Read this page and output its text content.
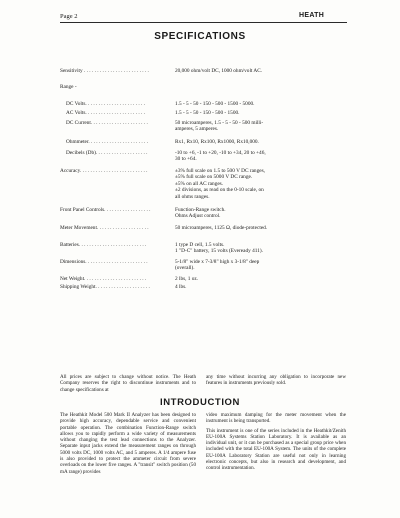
Page 2	HEATH
SPECIFICATIONS
Sensitivity . . . . . . . . . . . . . . . . . . . . . . . . .	20,000 ohm/volt DC, 1000 ohm/volt AC.
Range -
DC Volts. . . . . . . . . . . . . . . . . . . . . . .	1.5 - 5 - 50 - 150 - 500 - 1500 - 5000.
AC Volts. . . . . . . . . . . . . . . . . . . . . . .	1.5 - 5 - 50 - 150 - 500 - 1500.
DC Current. . . . . . . . . . . . . . . . . . . . . .	50 microamperes, 1.5 - 5 - 50 - 500 milli-
amperes, 5 amperes.
Ohmmeter. . . . . . . . . . . . . . . . . . . . . . .	Rx1, Rx10, Rx100, Rx1000, Rx10,000.
Decibels (Db). . . . . . . . . . . . . . . . . . . .	-10 to +6, -1 to +20, -10 to +34, 20 to +46,
30 to +64.
Accuracy. . . . . . . . . . . . . . . . . . . . . . . . . .	±3% full scale on 1.5 to 500 V DC ranges,
±5% full scale on 5000 V DC range.
±5% on all AC ranges.
±2 divisions, as read on the 0-10 scale, on
all ohms ranges.
Front Panel Controls. . . . . . . . . . . . . . . . . .	Function-Range switch.
Ohms Adjust control.
Meter Movement. . . . . . . . . . . . . . . . . . . .	50 microamperes, 1125 Ω, diode-protected.
Batteries. . . . . . . . . . . . . . . . . . . . . . . . . .	1 type D cell, 1.5 volts.
1 "D-C" battery, 15 volts (Eveready 411).
Dimensions. . . . . . . . . . . . . . . . . . . . . . . .	5-1/8" wide x 7-3/8" high x 3-1/8" deep
(overall).
Net Weight. . . . . . . . . . . . . . . . . . . . . . . .	2 lbs, 1 oz.
Shipping Weight. . . . . . . . . . . . . . . . . . . . .	4 lbs.

All prices are subject to change without notice. The Heath Company reserves the right to discontinue instruments and to change specifications at

any time without incurring any obligation to incorporate new features in instruments previously sold.

INTRODUCTION

The Heathkit Model 500 Mark II Analyzer has been designed to provide high accuracy, dependable service and convenient portable operation. The combination Function-Range switch allows you to rapidly perform a wide variety of measurements without changing the test lead connections to the Analyzer. Separate input jacks extend the measurement ranges on through 5000 volts DC, 1000 volts AC, and 5 amperes. A 1/4 ampere fuse is also provided to protect the ammeter circuit from severe overloads on the lower five ranges. A "transit" switch position (50 mA range) provides

video maximum damping for the meter movement when the instrument is being transported.

This instrument is one of the series included in the Heathkit/Zenith EU-100A Systems Station Laboratory. It is available as an individual unit, or it can be purchased as a special group price when included with the total EU-100A System. The units of the complete EU-100A Laboratory Station are useful not only in learning electronic concepts, but also in research and development, and control instrumentation.
